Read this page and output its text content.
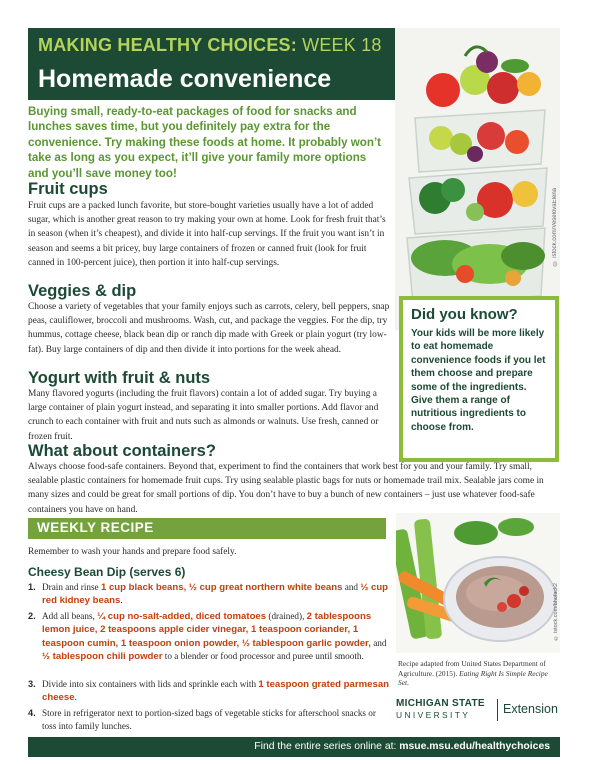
MAKING HEALTHY CHOICES: WEEK 18
Homemade convenience
© istock.com/VeselovaElena
Buying small, ready-to-eat packages of food for snacks and lunches saves time, but you definitely pay extra for the convenience. Try making these foods at home. It probably won’t take as long as you expect, it’ll give your family more options and you’ll save money too!
Fruit cups
Fruit cups are a packed lunch favorite, but store-bought varieties usually have a lot of added sugar, which is another great reason to try making your own at home. Look for fresh fruit that’s in season (when it’s cheapest), and divide it into half-cup servings. If the fruit you want isn’t in season and seems a bit pricey, buy large containers of frozen or canned fruit (look for fruit canned in 100-percent juice), then portion it into half-cup servings.
Veggies & dip
Choose a variety of vegetables that your family enjoys such as carrots, celery, bell peppers, snap peas, cauliflower, broccoli and mushrooms. Wash, cut, and package the veggies. For the dip, try hummus, cottage cheese, black bean dip or ranch dip made with Greek or plain yogurt (try low-fat). Buy large containers of dip and then divide it into portions for the week ahead.
Yogurt with fruit & nuts
Many flavored yogurts (including the fruit flavors) contain a lot of added sugar. Try buying a large container of plain yogurt instead, and separating it into smaller portions. Add flavor and crunch to each container with fruit and nuts such as almonds or walnuts. Use fresh, canned or frozen fruit.
What about containers?
Always choose food-safe containers. Beyond that, experiment to find the containers that work best for you and your family. Try small, sealable plastic containers for homemade fruit cups. Try using sealable plastic bags for nuts or homemade trail mix. Sealable jars come in many sizes and could be great for small portions of dip. You don’t have to buy a bunch of new containers – just use whatever food-safe containers you have on hand.
Did you know?
Your kids will be more likely to eat homemade convenience foods if you let them choose and prepare some of the ingredients. Give them a range of nutritious ingredients to choose from.
WEEKLY RECIPE
Remember to wash your hands and prepare food safely.
Cheesy Bean Dip (serves 6)
1. Drain and rinse 1 cup black beans, ½ cup great northern white beans and ½ cup red kidney beans.
2. Add all beans, ¼ cup no-salt-added, diced tomatoes (drained), 2 tablespoons lemon juice, 2 teaspoons apple cider vinegar, 1 teaspoon coriander, 1 teaspoon cumin, 1 teaspoon onion powder, ½ tablespoon garlic powder, and ½ tablespoon chili powder to a blender or food processor and puree until smooth.
3. Divide into six containers with lids and sprinkle each with 1 teaspoon grated parmesan cheese.
4. Store in refrigerator next to portion-sized bags of vegetable sticks for afterschool snacks or toss into family lunches.
© istock.com/bhofack2
Recipe adapted from United States Department of Agriculture. (2015). Eating Right Is Simple Recipe Set.
MICHIGAN STATE
UNIVERSITY	Extension
Find the entire series online at: msue.msu.edu/healthychoices
